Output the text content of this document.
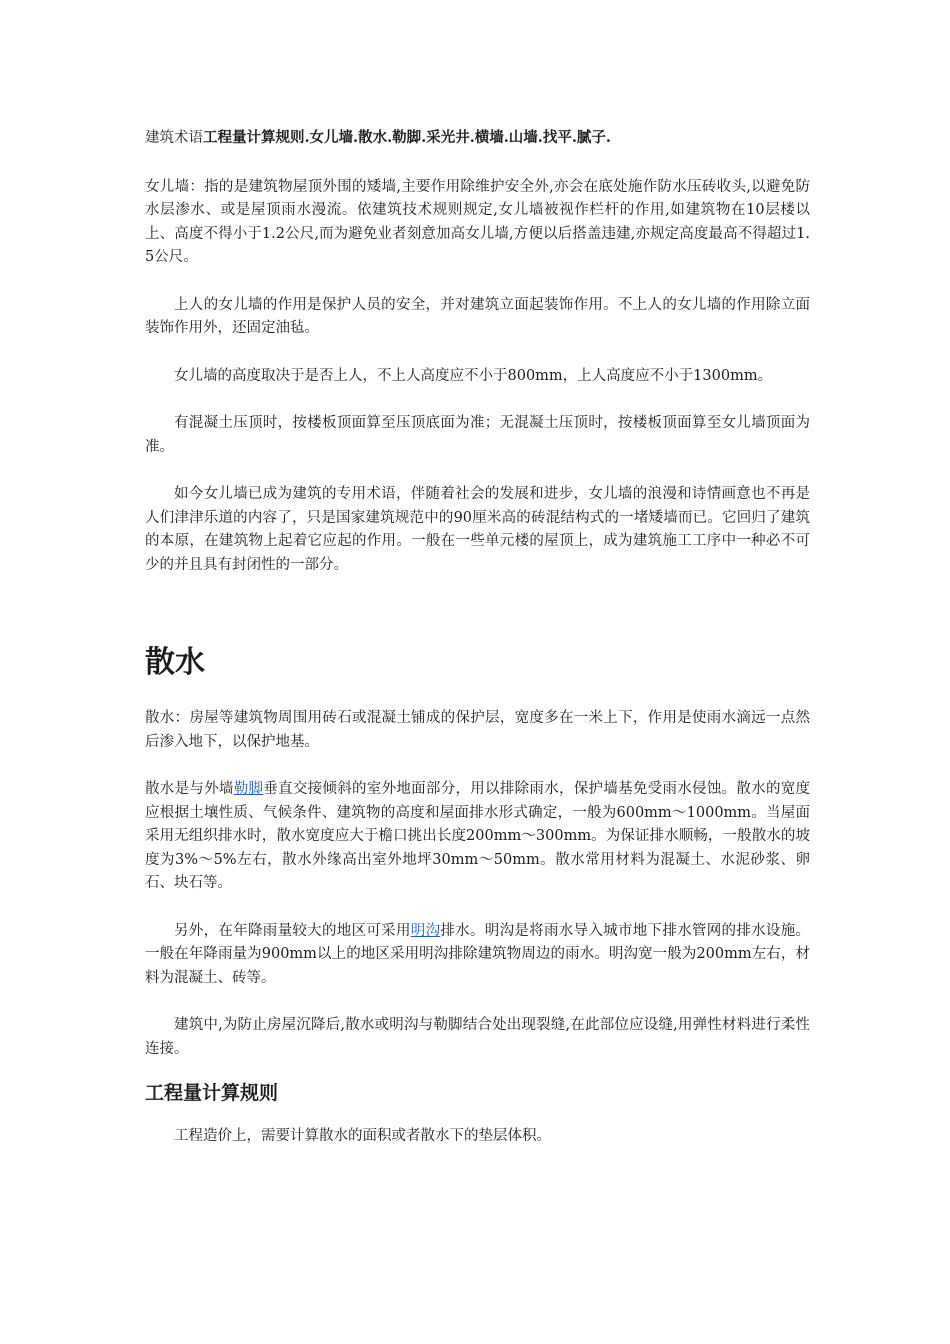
建筑术语工程量计算规则.女儿墙.散水.勒脚.采光井.横墙.山墙.找平.腻子.

女儿墙：指的是建筑物屋顶外围的矮墙,主要作用除维护安全外,亦会在底处施作防水压砖收头,以避免防水层渗水、或是屋顶雨水漫流。依建筑技术规则规定,女儿墙被视作栏杆的作用,如建筑物在10层楼以上、高度不得小于1.2公尺,而为避免业者刻意加高女儿墙,方便以后搭盖违建,亦规定高度最高不得超过1.5公尺。

上人的女儿墙的作用是保护人员的安全，并对建筑立面起装饰作用。不上人的女儿墙的作用除立面装饰作用外，还固定油毡。

女儿墙的高度取决于是否上人，不上人高度应不小于800mm，上人高度应不小于1300mm。

有混凝土压顶时，按楼板顶面算至压顶底面为准；无混凝土压顶时，按楼板顶面算至女儿墙顶面为准。

如今女儿墙已成为建筑的专用术语，伴随着社会的发展和进步，女儿墙的浪漫和诗情画意也不再是人们津津乐道的内容了，只是国家建筑规范中的90厘米高的砖混结构式的一堵矮墙而已。它回归了建筑的本原，在建筑物上起着它应起的作用。一般在一些单元楼的屋顶上，成为建筑施工工序中一种必不可少的并且具有封闭性的一部分。

散水

散水：房屋等建筑物周围用砖石或混凝土铺成的保护层，宽度多在一米上下，作用是使雨水滴远一点然后渗入地下，以保护地基。

散水是与外墙勒脚垂直交接倾斜的室外地面部分，用以排除雨水，保护墙基免受雨水侵蚀。散水的宽度应根据土壤性质、气候条件、建筑物的高度和屋面排水形式确定，一般为600mm～1000mm。当屋面采用无组织排水时，散水宽度应大于檐口挑出长度200mm～300mm。为保证排水顺畅，一般散水的坡度为3%～5%左右，散水外缘高出室外地坪30mm～50mm。散水常用材料为混凝土、水泥砂浆、卵石、块石等。

另外，在年降雨量较大的地区可采用明沟排水。明沟是将雨水导入城市地下排水管网的排水设施。一般在年降雨量为900mm以上的地区采用明沟排除建筑物周边的雨水。明沟宽一般为200mm左右，材料为混凝土、砖等。

建筑中,为防止房屋沉降后,散水或明沟与勒脚结合处出现裂缝,在此部位应设缝,用弹性材料进行柔性连接。

工程量计算规则

工程造价上，需要计算散水的面积或者散水下的垫层体积。
